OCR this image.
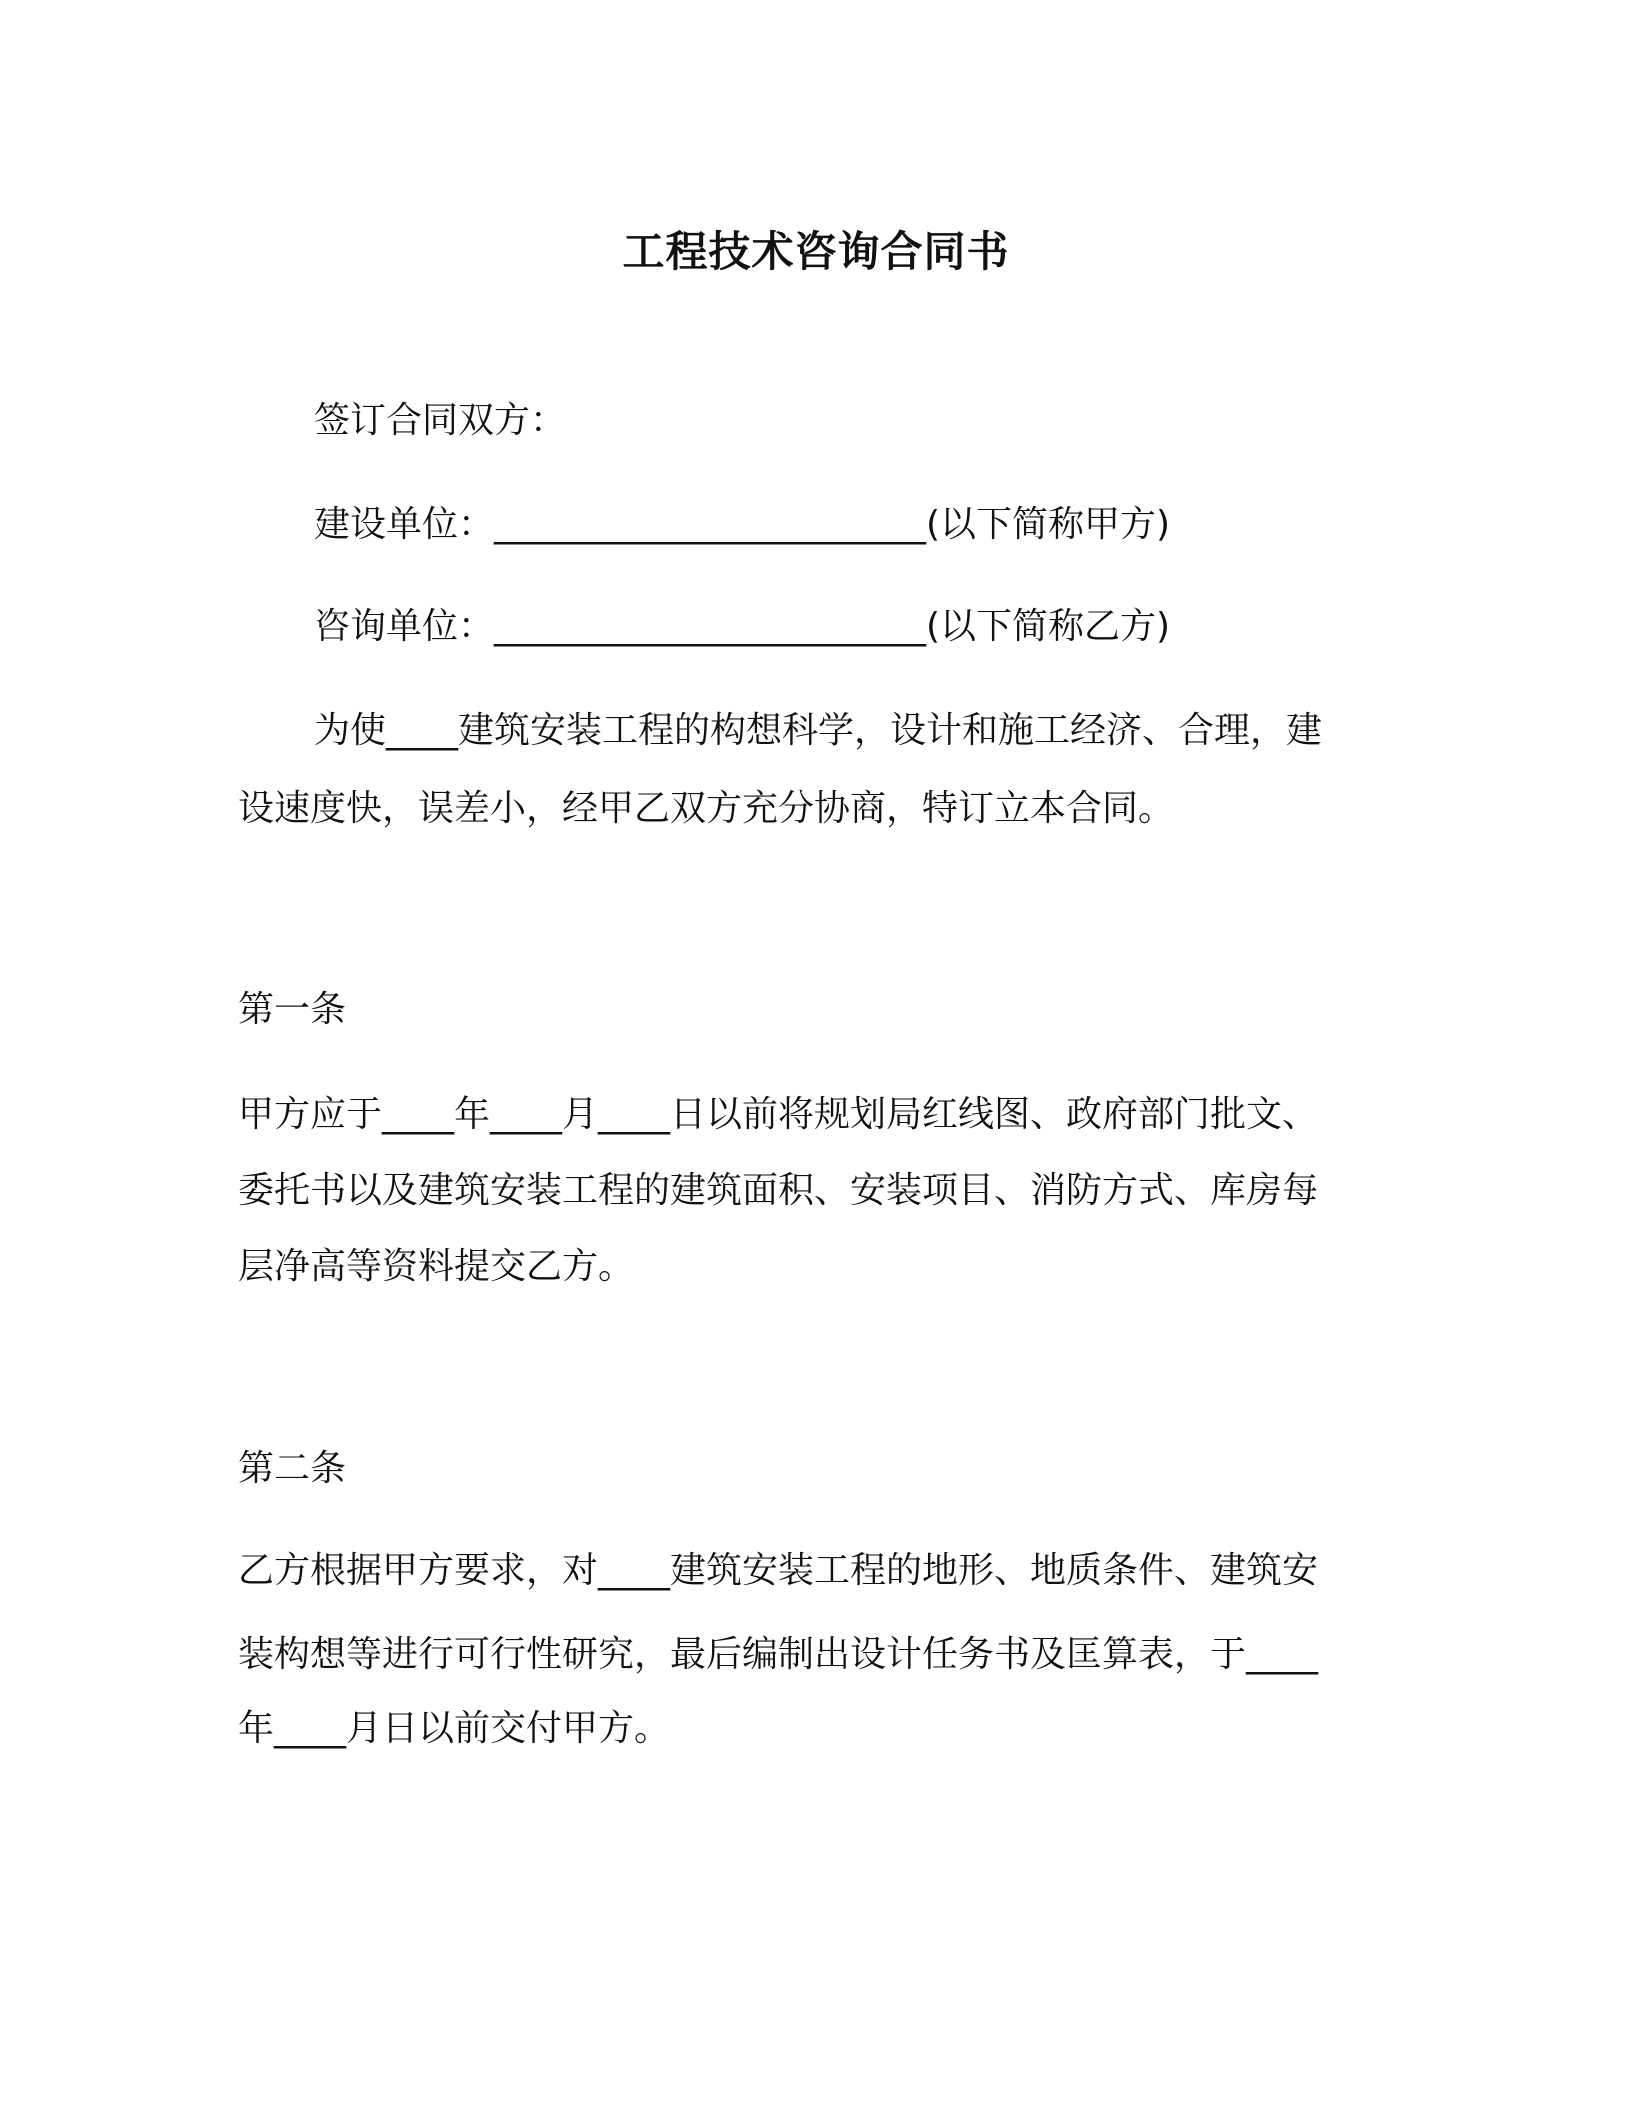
工程技术咨询合同书
签订合同双方：
建设单位：________________________(以下简称甲方)
咨询单位：________________________(以下简称乙方)
为使____建筑安装工程的构想科学，设计和施工经济、合理，建
设速度快，误差小，经甲乙双方充分协商，特订立本合同。
第一条
甲方应于____年____月____日以前将规划局红线图、政府部门批文、
委托书以及建筑安装工程的建筑面积、安装项目、消防方式、库房每
层净高等资料提交乙方。
第二条
乙方根据甲方要求，对____建筑安装工程的地形、地质条件、建筑安
装构想等进行可行性研究，最后编制出设计任务书及匡算表，于____
年____月日以前交付甲方。
